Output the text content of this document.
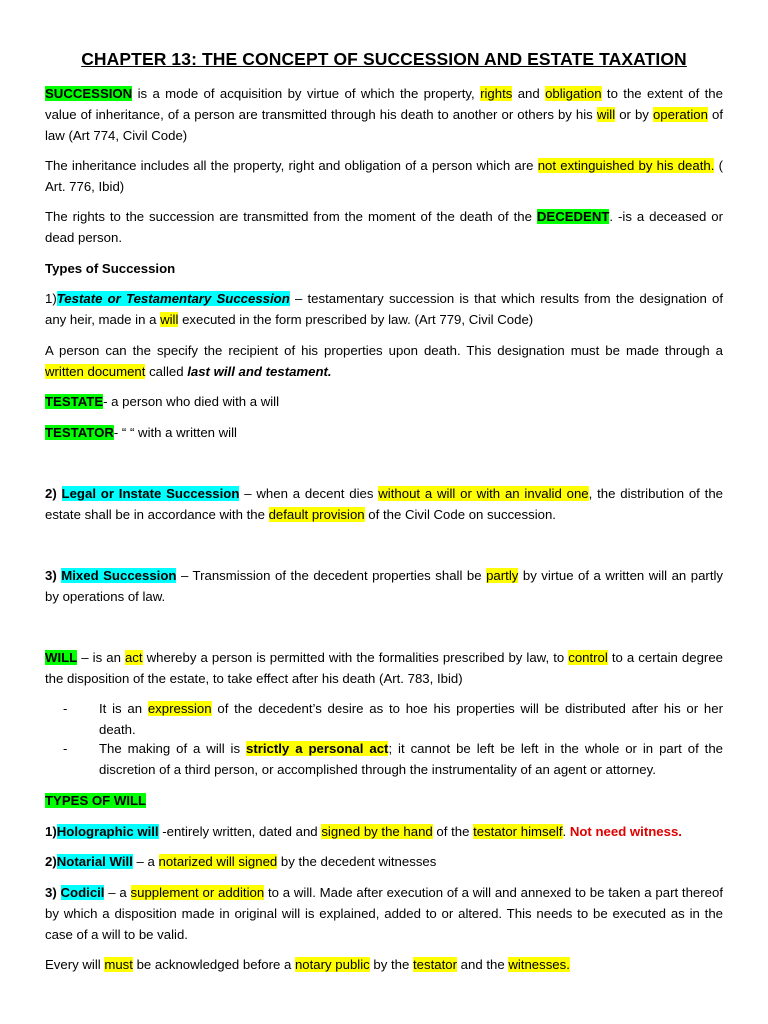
CHAPTER 13: THE CONCEPT OF SUCCESSION AND ESTATE TAXATION

SUCCESSION is a mode of acquisition by virtue of which the property, rights and obligation to the extent of the value of inheritance, of a person are transmitted through his death to another or others by his will or by operation of law (Art 774, Civil Code)

The inheritance includes all the property, right and obligation of a person which are not extinguished by his death. ( Art. 776, Ibid)

The rights to the succession are transmitted from the moment of the death of the DECEDENT. -is a deceased or dead person.

Types of Succession

1)Testate or Testamentary Succession – testamentary succession is that which results from the designation of any heir, made in a will executed in the form prescribed by law. (Art 779, Civil Code)

A person can the specify the recipient of his properties upon death. This designation must be made through a written document called last will and testament.

TESTATE- a person who died with a will

TESTATOR- “ “ with a written will

2) Legal or Instate Succession – when a decent dies without a will or with an invalid one, the distribution of the estate shall be in accordance with the default provision of the Civil Code on succession.

3) Mixed Succession – Transmission of the decedent properties shall be partly by virtue of a written will an partly by operations of law.

WILL – is an act whereby a person is permitted with the formalities prescribed by law, to control to a certain degree the disposition of the estate, to take effect after his death (Art. 783, Ibid)

- It is an expression of the decedent’s desire as to hoe his properties will be distributed after his or her death.
- The making of a will is strictly a personal act; it cannot be left be left in the whole or in part of the discretion of a third person, or accomplished through the instrumentality of an agent or attorney.

TYPES OF WILL

1)Holographic will -entirely written, dated and signed by the hand of the testator himself. Not need witness.

2)Notarial Will – a notarized will signed by the decedent witnesses

3) Codicil – a supplement or addition to a will. Made after execution of a will and annexed to be taken a part thereof by which a disposition made in original will is explained, added to or altered. This needs to be executed as in the case of a will to be valid.

Every will must be acknowledged before a notary public by the testator and the witnesses.
